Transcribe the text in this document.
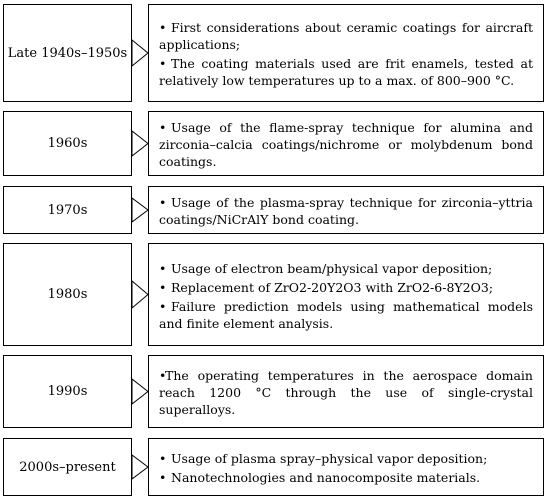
Late 1940s–1950s
• First considerations about ceramic coatings for aircraft applications;
• The coating materials used are frit enamels, tested at relatively low temperatures up to a max. of 800–900 °C.
1960s
• Usage of the flame-spray technique for alumina and zirconia–calcia coatings/nichrome or molybdenum bond coatings.
1970s	• Usage of the plasma-spray technique for zirconia–yttria coatings/NiCrAlY bond coating.
1980s
• Usage of electron beam/physical vapor deposition;
• Replacement of ZrO2-20Y2O3 with ZrO2-6-8Y2O3;
• Failure prediction models using mathematical models and finite element analysis.
1990s
•The operating temperatures in the aerospace domain reach 1200 °C through the use of single-crystal superalloys.
2000s–present
• Usage of plasma spray–physical vapor deposition;
• Nanotechnologies and nanocomposite materials.
